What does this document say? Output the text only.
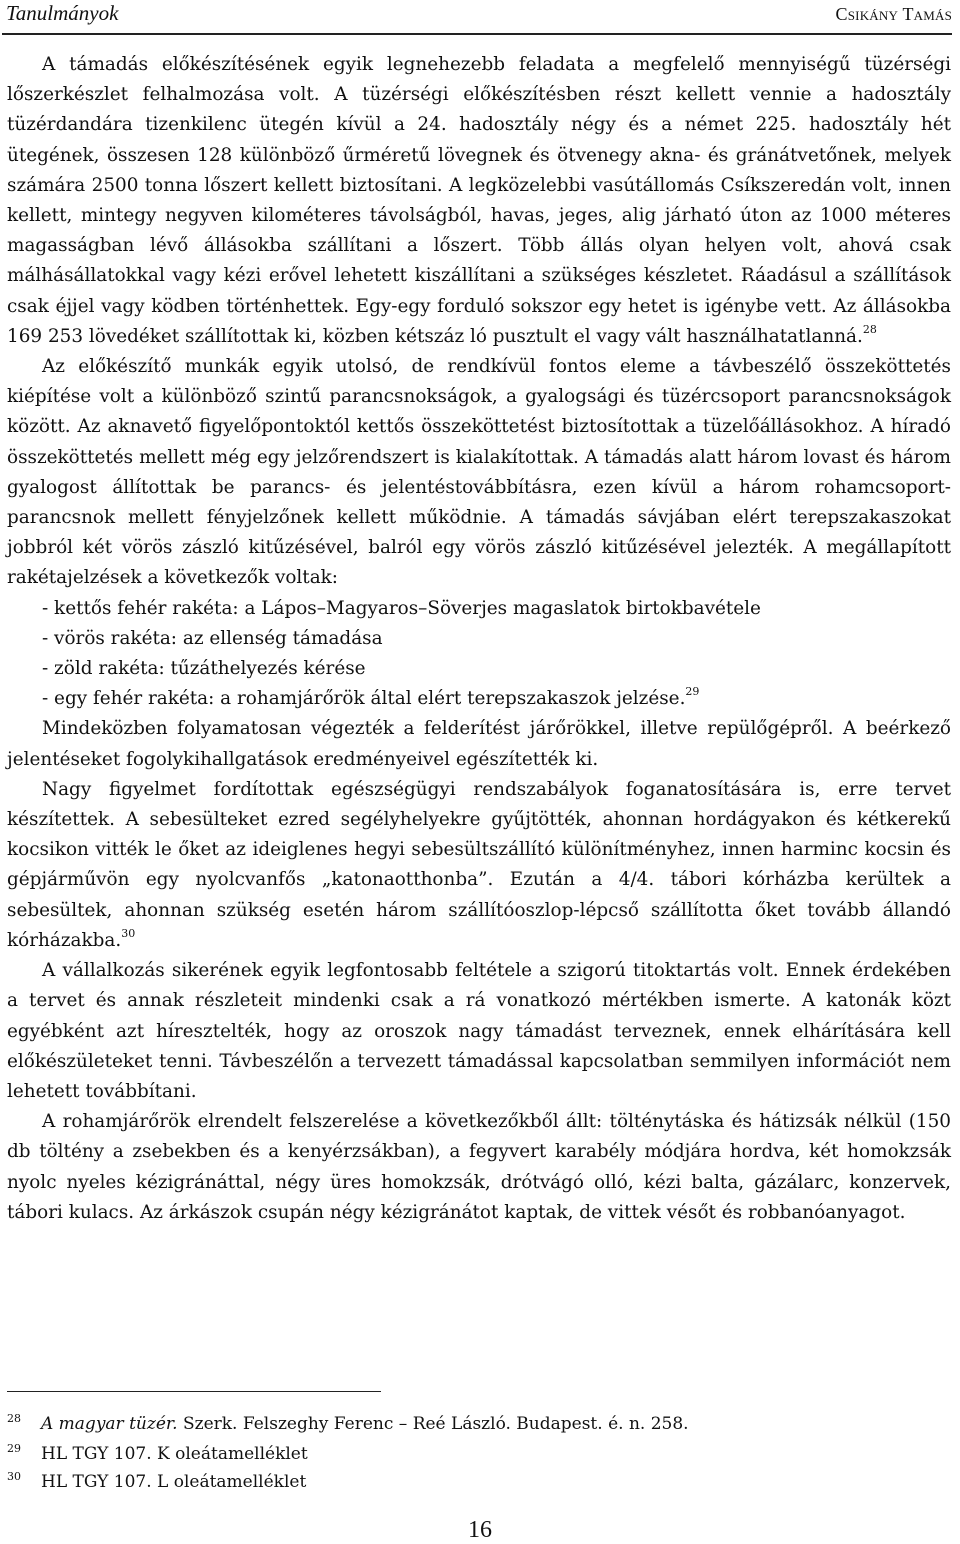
Tanulmányok	Csikány Tamás

A támadás előkészítésének egyik legnehezebb feladata a megfelelő mennyiségű tüzérségi lőszerkészlet felhalmozása volt. A tüzérségi előkészítésben részt kellett vennie a hadosztály tüzérdandára tizenkilenc ütegén kívül a 24. hadosztály négy és a német 225. hadosztály hét ütegének, összesen 128 különböző űrméretű lövegnek és ötvenegy akna- és gránátvetőnek, melyek számára 2500 tonna lőszert kellett biztosítani. A legközelebbi vasútállomás Csíkszeredán volt, innen kellett, mintegy negyven kilométeres távolságból, havas, jeges, alig járható úton az 1000 méteres magasságban lévő állásokba szállítani a lőszert. Több állás olyan helyen volt, ahová csak málhásállatokkal vagy kézi erővel lehetett kiszállítani a szükséges készletet. Ráadásul a szállítások csak éjjel vagy ködben történhettek. Egy-egy forduló sokszor egy hetet is igénybe vett. Az állásokba 169 253 lövedéket szállítottak ki, közben kétszáz ló pusztult el vagy vált használhatatlanná.$^{28}$

Az előkészítő munkák egyik utolsó, de rendkívül fontos eleme a távbeszélő összeköttetés kiépítése volt a különböző szintű parancsnokságok, a gyalogsági és tüzércsoport parancsnokságok között. Az aknavető figyelőpontoktól kettős összeköttetést biztosítottak a tüzelőállásokhoz. A híradó összeköttetés mellett még egy jelzőrendszert is kialakítottak. A támadás alatt három lovast és három gyalogost állítottak be parancs- és jelentéstovábbításra, ezen kívül a három rohamcsoport-parancsnok mellett fényjelzőnek kellett működnie. A támadás sávjában elért terepszakaszokat jobbról két vörös zászló kitűzésével, balról egy vörös zászló kitűzésével jelezték. A megállapított rakétajelzések a következők voltak:

- kettős fehér rakéta: a Lápos–Magyaros–Söverjes magaslatok birtokbavétele

- vörös rakéta: az ellenség támadása

- zöld rakéta: tűzáthelyezés kérése

- egy fehér rakéta: a rohamjárőrök által elért terepszakaszok jelzése.$^{29}$

Mindeközben folyamatosan végezték a felderítést járőrökkel, illetve repülőgépről. A beérkező jelentéseket fogolykihallgatások eredményeivel egészítették ki.

Nagy figyelmet fordítottak egészségügyi rendszabályok foganatosítására is, erre tervet készítettek. A sebesülteket ezred segélyhelyekre gyűjtötték, ahonnan hordágyakon és kétkerekű kocsikon vitték le őket az ideiglenes hegyi sebesültszállító különítményhez, innen harminc kocsin és gépjárművön egy nyolcvanfős „katonaotthonba”. Ezután a 4/4. tábori kórházba kerültek a sebesültek, ahonnan szükség esetén három szállítóoszlop-lépcső szállította őket tovább állandó kórházakba.$^{30}$

A vállalkozás sikerének egyik legfontosabb feltétele a szigorú titoktartás volt. Ennek érdekében a tervet és annak részleteit mindenki csak a rá vonatkozó mértékben ismerte. A katonák közt egyébként azt híresztelték, hogy az oroszok nagy támadást terveznek, ennek elhárítására kell előkészületeket tenni. Távbeszélőn a tervezett támadással kapcsolatban semmilyen információt nem lehetett továbbítani.

A rohamjárőrök elrendelt felszerelése a következőkből állt: tölténytáska és hátizsák nélkül (150 db töltény a zsebekben és a kenyérzsákban), a fegyvert karabély módjára hordva, két homokzsák nyolc nyeles kézigránáttal, négy üres homokzsák, drótvágó olló, kézi balta, gázálarc, konzervek, tábori kulacs. Az árkászok csupán négy kézigránátot kaptak, de vittek vésőt és robbanóanyagot.

28 A magyar tüzér. Szerk. Felszeghy Ferenc – Reé László. Budapest. é. n. 258.
29 HL TGY 107. K oleátamelléklet
30 HL TGY 107. L oleátamelléklet
16
